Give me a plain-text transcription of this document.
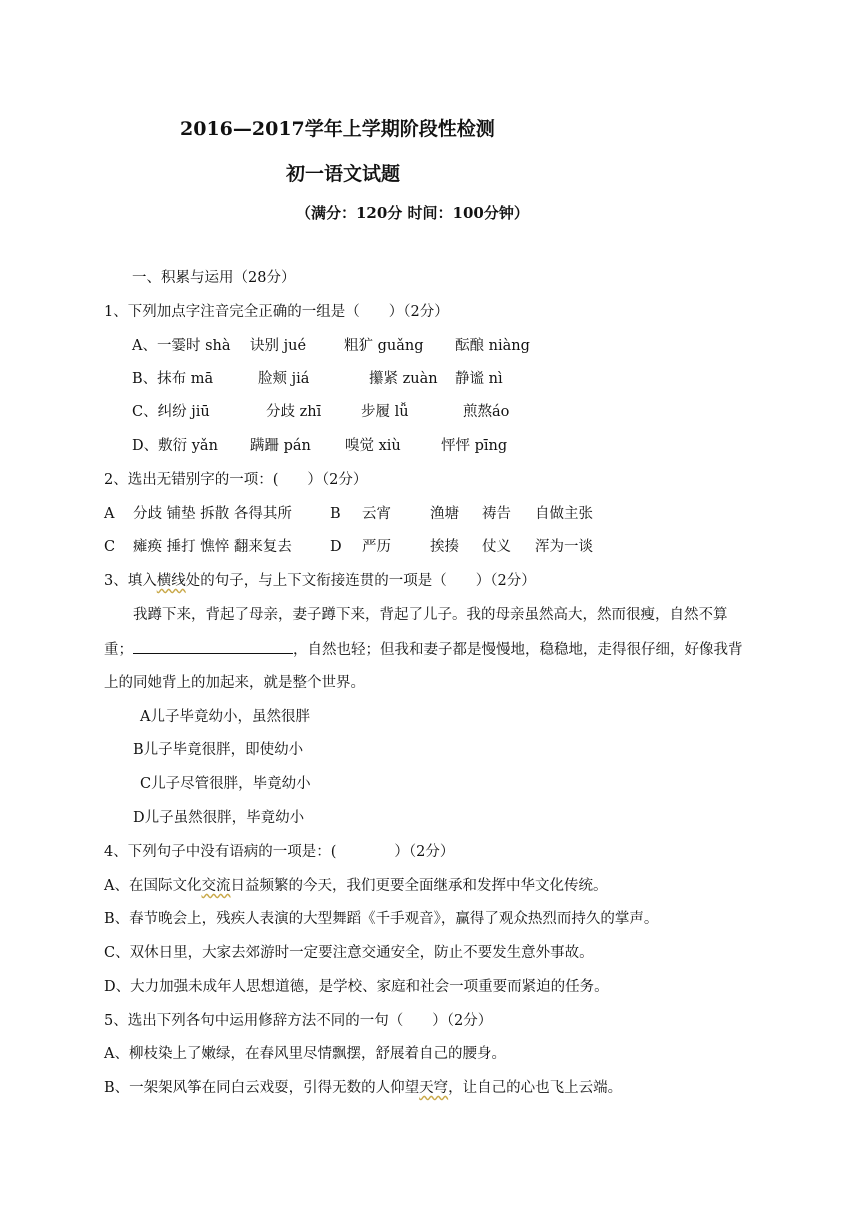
2016—2017学年上学期阶段性检测
初一语文试题
（满分：120分 时间：100分钟）
一、积累与运用（28分）
1、下列加点字注音完全正确的一组是（　　）（2分）
A、一霎时 shà 诀别 jué	粗犷 guǎng 酝酿 niàng
B、抹布 mā	脸颊 jiá	攥紧 zuàn 静谧 nì
C、纠纷 jiū	分歧 zhī	步履 lǚ	煎熬áo
D、敷衍 yǎn 蹒跚 pán 嗅觉 xiù	怦怦 pīng
2、选出无错别字的一项：(　　）（2分）
A 分歧 铺垫 拆散 各得其所	B 云宵	渔塘 祷告 自做主张
C 瘫痪 捶打 憔悴 翻来复去	D 严历	挨揍 仗义 浑为一谈
3、填入横线处的句子，与上下文衔接连贯的一项是（　　）（2分）
我蹲下来，背起了母亲，妻子蹲下来，背起了儿子。我的母亲虽然高大，然而很瘦，自然不算
重；	，自然也轻；但我和妻子都是慢慢地，稳稳地，走得很仔细，好像我背
上的同她背上的加起来，就是整个世界。
A儿子毕竟幼小，虽然很胖
B儿子毕竟很胖，即使幼小
C儿子尽管很胖，毕竟幼小
D儿子虽然很胖，毕竟幼小
4、下列句子中没有语病的一项是：(　　　　）（2分）
A、在国际文化交流日益频繁的今天，我们更要全面继承和发挥中华文化传统。
B、春节晚会上，残疾人表演的大型舞蹈《千手观音》，赢得了观众热烈而持久的掌声。
C、双休日里，大家去郊游时一定要注意交通安全，防止不要发生意外事故。
D、大力加强未成年人思想道德，是学校、家庭和社会一项重要而紧迫的任务。
5、选出下列各句中运用修辞方法不同的一句（　　）（2分）
A、柳枝染上了嫩绿，在春风里尽情飘摆，舒展着自己的腰身。
B、一架架风筝在同白云戏耍，引得无数的人仰望天穹，让自己的心也飞上云端。
